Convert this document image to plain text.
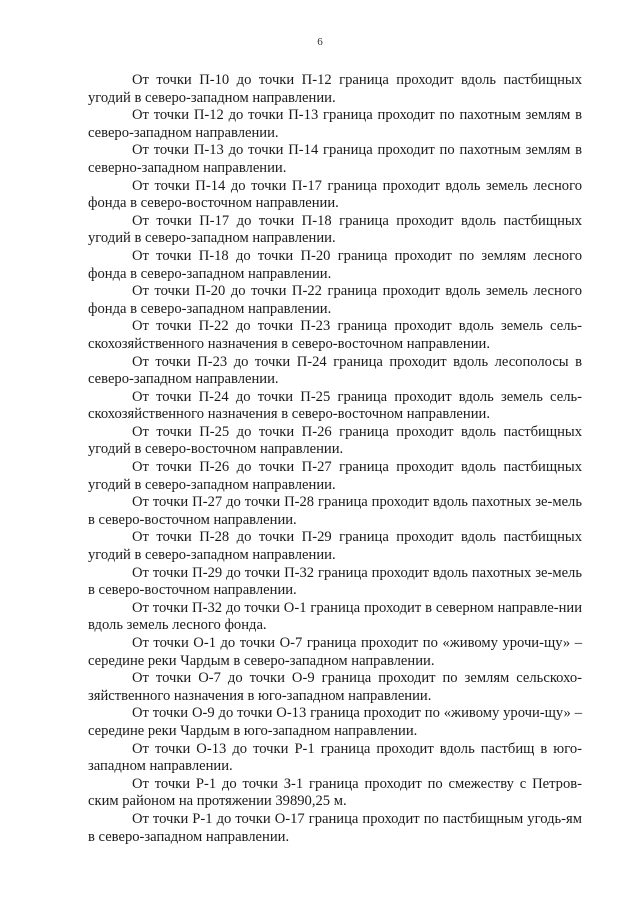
6

От точки П-10 до точки П-12 граница проходит вдоль пастбищных угодий в северо-западном направлении.

От точки П-12 до точки П-13 граница проходит по пахотным землям в северо-западном направлении.

От точки П-13 до точки П-14 граница проходит по пахотным землям в северно-западном направлении.

От точки П-14 до точки П-17 граница проходит вдоль земель лесного фонда в северо-восточном направлении.

От точки П-17 до точки П-18 граница проходит вдоль пастбищных угодий в северо-западном направлении.

От точки П-18 до точки П-20 граница проходит по землям лесного фонда в северо-западном направлении.

От точки П-20 до точки П-22 граница проходит вдоль земель лесного фонда в северо-западном направлении.

От точки П-22 до точки П-23 граница проходит вдоль земель сель-скохозяйственного назначения в северо-восточном направлении.

От точки П-23 до точки П-24 граница проходит вдоль лесополосы в северо-западном направлении.

От точки П-24 до точки П-25 граница проходит вдоль земель сель-скохозяйственного назначения в северо-восточном направлении.

От точки П-25 до точки П-26 граница проходит вдоль пастбищных угодий в северо-восточном направлении.

От точки П-26 до точки П-27 граница проходит вдоль пастбищных угодий в северо-западном направлении.

От точки П-27 до точки П-28 граница проходит вдоль пахотных зе-мель в северо-восточном направлении.

От точки П-28 до точки П-29 граница проходит вдоль пастбищных угодий в северо-западном направлении.

От точки П-29 до точки П-32 граница проходит вдоль пахотных зе-мель в северо-восточном направлении.

От точки П-32 до точки О-1 граница проходит в северном направле-нии вдоль земель лесного фонда.

От точки О-1 до точки О-7 граница проходит по «живому урочи-щу» – середине реки Чардым в северо-западном направлении.

От точки О-7 до точки О-9 граница проходит по землям сельскохо-зяйственного назначения в юго-западном направлении.

От точки О-9 до точки О-13 граница проходит по «живому урочи-щу» – середине реки Чардым в юго-западном направлении.

От точки О-13 до точки Р-1 граница проходит вдоль пастбищ в юго-западном направлении.

От точки Р-1 до точки З-1 граница проходит по смежеству с Петров-ским районом на протяжении 39890,25 м.

От точки Р-1 до точки О-17 граница проходит по пастбищным угодь-ям в северо-западном направлении.
